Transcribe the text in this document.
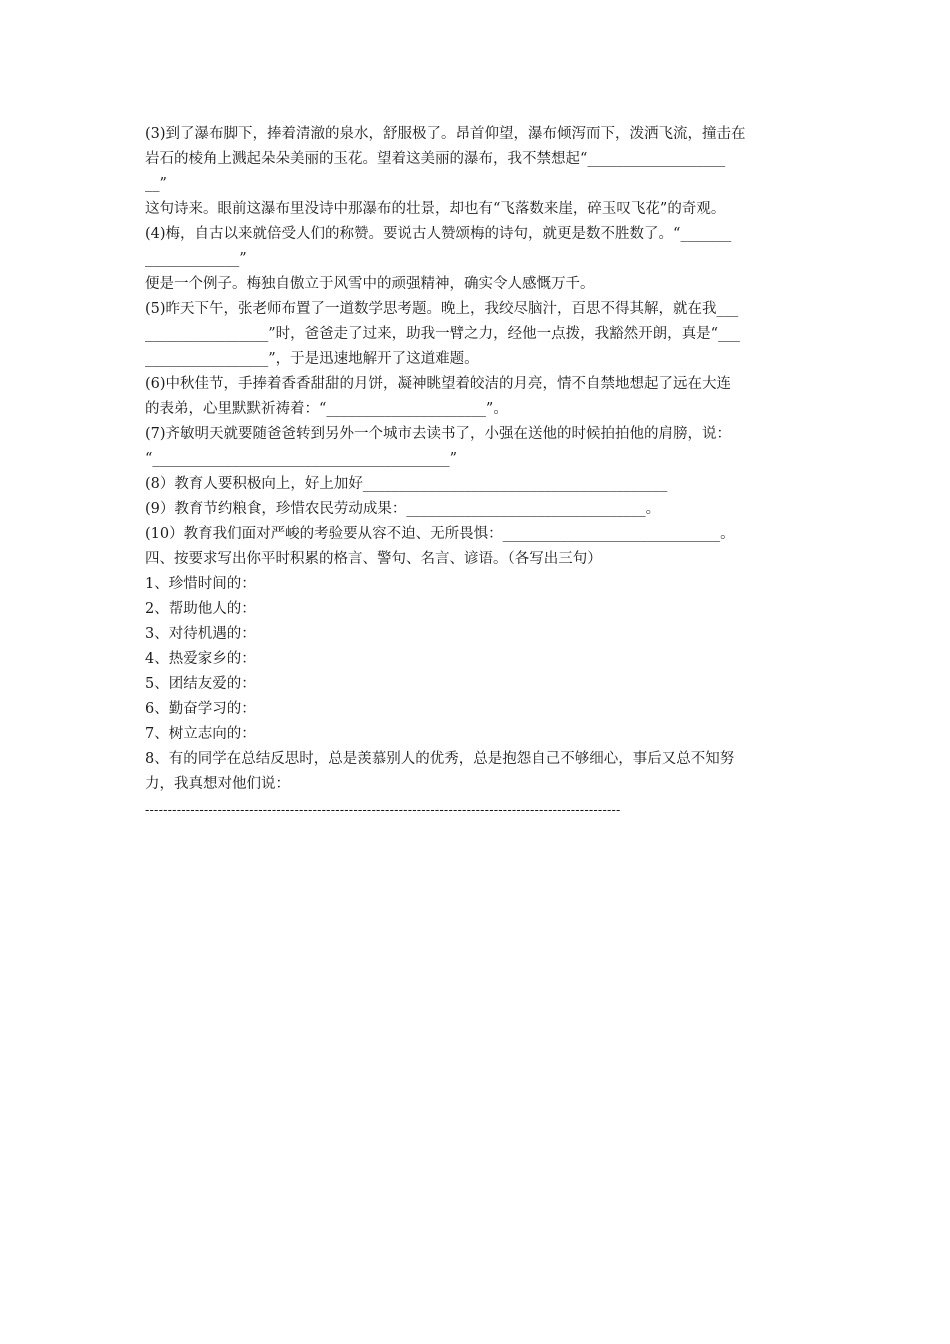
(3)到了瀑布脚下，捧着清澈的泉水，舒服极了。昂首仰望，瀑布倾泻而下，泼洒飞流，撞击在
岩石的棱角上溅起朵朵美丽的玉花。望着这美丽的瀑布，我不禁想起“___________________
__”
这句诗来。眼前这瀑布里没诗中那瀑布的壮景，却也有“飞落数来崖，碎玉叹飞花”的奇观。
(4)梅，自古以来就倍受人们的称赞。要说古人赞颂梅的诗句，就更是数不胜数了。“_______
_____________”
便是一个例子。梅独自傲立于风雪中的顽强精神，确实令人感慨万千。
(5)昨天下午，张老师布置了一道数学思考题。晚上，我绞尽脑汁，百思不得其解，就在我___
_________________”时，爸爸走了过来，助我一臂之力，经他一点拨，我豁然开朗，真是“___
_________________”，于是迅速地解开了这道难题。
(6)中秋佳节，手捧着香香甜甜的月饼，凝神眺望着皎洁的月亮，情不自禁地想起了远在大连
的表弟，心里默默祈祷着：“______________________”。
(7)齐敏明天就要随爸爸转到另外一个城市去读书了，小强在送他的时候拍拍他的肩膀，说：
“_________________________________________”
(8）教育人要积极向上，好上加好__________________________________________
(9）教育节约粮食，珍惜农民劳动成果：_________________________________。
(10）教育我们面对严峻的考验要从容不迫、无所畏惧：______________________________。
四、按要求写出你平时积累的格言、警句、名言、谚语。（各写出三句）
1、珍惜时间的：
2、帮助他人的：
3、对待机遇的：
4、热爱家乡的：
5、团结友爱的：
6、勤奋学习的：
7、树立志向的：
8、有的同学在总结反思时，总是羡慕别人的优秀，总是抱怨自己不够细心，事后又总不知努
力，我真想对他们说：
---------------------------------------------------------------------------------------------------------
